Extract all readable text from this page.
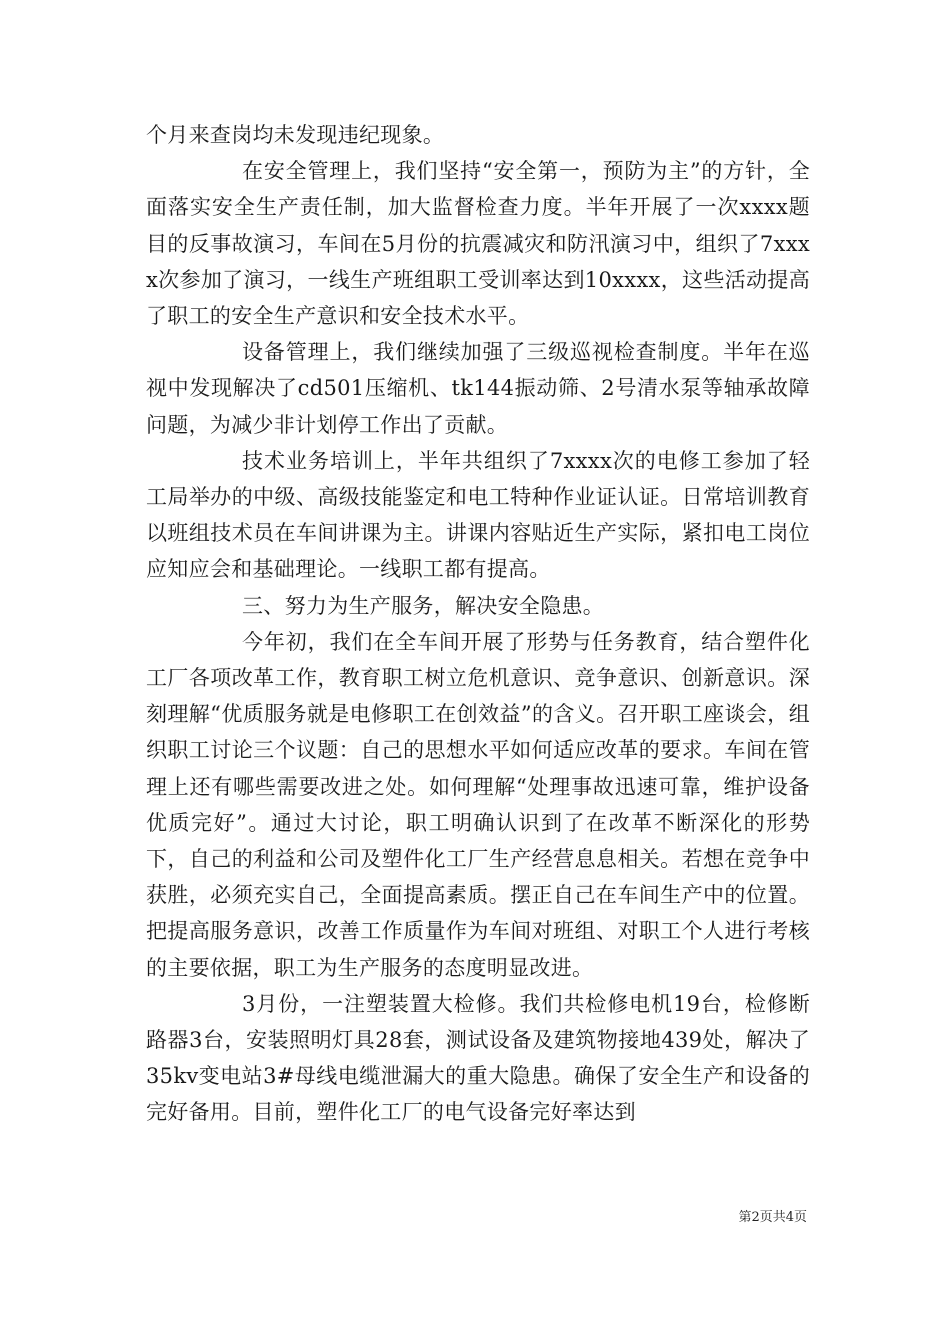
个月来查岗均未发现违纪现象。

在安全管理上，我们坚持“安全第一，预防为主”的方针，全面落实安全生产责任制，加大监督检查力度。半年开展了一次xxxx题目的反事故演习，车间在5月份的抗震减灾和防汛演习中，组织了7xxxx次参加了演习，一线生产班组职工受训率达到10xxxx，这些活动提高了职工的安全生产意识和安全技术水平。

设备管理上，我们继续加强了三级巡视检查制度。半年在巡视中发现解决了cd501压缩机、tk144振动筛、2号清水泵等轴承故障问题，为减少非计划停工作出了贡献。

技术业务培训上，半年共组织了7xxxx次的电修工参加了轻工局举办的中级、高级技能鉴定和电工特种作业证认证。日常培训教育以班组技术员在车间讲课为主。讲课内容贴近生产实际，紧扣电工岗位应知应会和基础理论。一线职工都有提高。

三、努力为生产服务，解决安全隐患。

今年初，我们在全车间开展了形势与任务教育，结合塑件化工厂各项改革工作，教育职工树立危机意识、竞争意识、创新意识。深刻理解“优质服务就是电修职工在创效益”的含义。召开职工座谈会，组织职工讨论三个议题：自己的思想水平如何适应改革的要求。车间在管理上还有哪些需要改进之处。如何理解“处理事故迅速可靠，维护设备优质完好”。通过大讨论，职工明确认识到了在改革不断深化的形势下，自己的利益和公司及塑件化工厂生产经营息息相关。若想在竞争中获胜，必须充实自己，全面提高素质。摆正自己在车间生产中的位置。把提高服务意识，改善工作质量作为车间对班组、对职工个人进行考核的主要依据，职工为生产服务的态度明显改进。

3月份，一注塑装置大检修。我们共检修电机19台，检修断路器3台，安装照明灯具28套，测试设备及建筑物接地439处，解决了35kv变电站3#母线电缆泄漏大的重大隐患。确保了安全生产和设备的完好备用。目前，塑件化工厂的电气设备完好率达到

第2页共4页
